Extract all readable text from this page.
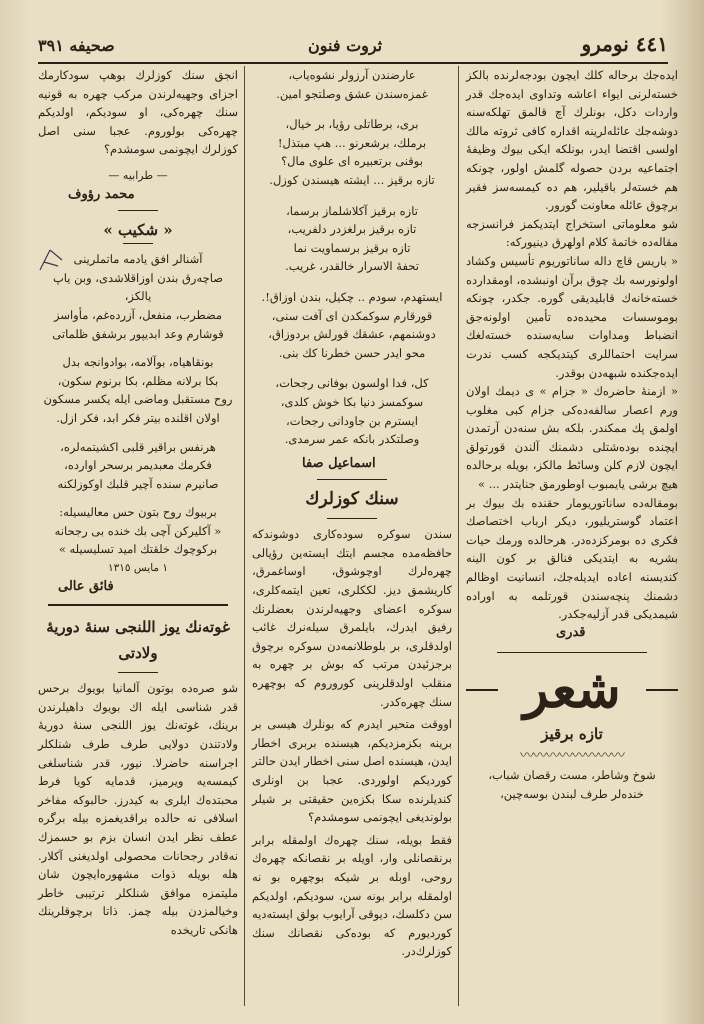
٤٤١ نومرو
ثروت فنون
صحيفه ٣٩١

ایده‌جك برحاله كلك ایچون بودجه‌لرنده بالكز خسته‌لرنی ایواء اعاشه وتداوی ایده‌جك قدر واردات دكل، بونلرك آچ قالمق تهلكه‌سنه دوشه‌جك عائله‌لرینه اقداره كافی ثروته مالك اولسی اقتضا ایدر، بونلكه ایكی بیوك وظیفهٔ اجتماعیه بردن حصوله گلمش اولور، چونكه هم خسته‌لر باقیلیر، هم ده كیمسه‌سز فقیر برچوق عائله معاونت گورور.

شو معلوماتی استخراج ایتدیكمز فرانسزجه مقاله‌ده خاتمهٔ كلام اولهرق دینیوركه:

« باریس قاچ داله ساناتوریوم تأسیس وكشاد اولونورسه بك چوق برآن اونبشده، اومقدارده خسته‌خانه‌ك قابلیدیقی گوره. جكدر، چونكه بوموسسات محیده‌ده تأمین اولونه‌جق انضباط ومداوات سایه‌سنده خسته‌لغك سرایت احتماللری كیتدیكجه كسب ندرت ایده‌جكنده شبهه‌دن بوقدر.

« ازمنهٔ حاضره‌ك « جزام » ی دیمك اولان ورم اعصار سالفه‌ده‌كی جزام كبی مغلوب اولمق پك ممكندر. بلكه بش سنه‌دن آرتمدن ایچنده بوده‌شتلی دشمنك آلندن قورتولق ایچون لازم كلن وسائط مالكز، بویله برحالده هیچ برشی یایمبوب اوطورمق جنایتدر ... »

بومقاله‌ده ساناتوریومار حقنده بك بیوك بر اعتماد گوستریلیور، دیكر ارباب اختصاصك فكری ده بومركزده‌در. هرحالده ورمك حیات بشریه به ایتدیكی فنالق بر كون الینه كندیسنه اعاده ایدیله‌جك، انسانیت اوظالم دشمنك پنچه‌سندن قورتلمه به اوراده شیمدیكی قدر آزلیه‌جكدر.

قدری

شعر
تازه برقیز
〰〰〰〰〰〰〰〰

شوخ وشاطر، مست رقصان شباب،

خنده‌لر طرف لبندن بوسه‌چین،

عارضندن آرزولر نشوه‌یاب،

غمزه‌سندن عشق وصلتجو امین.

بری، برطاتلی رؤیا، بر خیال،

برملك، برشعرنو ... هپ مبتذل!

بوقنی برتعبیره ای علوی مال؟

تازه برقیز ... ایشته هیسندن كوزل.

تازه برقیز آكلاشلماز برسما،

تازه برقیز برلغزدر دلفریب،

تازه برقیز برسماویت نما

تحفهٔ الاسرار خالقدر، غریب.

ایستهدم، سودم .. چكیل، بندن اوزاق!.

قورقارم سوكمكدن ای آفت سنی،

دوشنمهم، عشقك قورلش بردوزاق،

محو ایدر حسن خطرنا كك بنی.

كل، فدا اولسون بوفانی رجحات،

سوكمسز دنیا بكا خوش كلدی،

ایسترم بن جاودانی رجحات،

وصلتكدر بانكه عمر سرمدی.

اسماعیل صفا

سنك كوزلرك

سندن سوكره سوده‌كارى دوشوندكه حافظه‌مده مجسم ایتك ایسته‌ین رؤیالی چهره‌لرك اوچوشوق، اوساغمرق، كاریشمق دیز. لككلری، تعین ایتمه‌كلری، سوكره اعضای وجهیه‌لرندن بعضلرنك رفیق ایدرك، بایلمرق سیله‌نرك غائب اولدقلرى، بر بلوطلانمه‌دن سوكره برچوق برجزئیدن مرتب كه بوش بر چهره به منقلب اولدقلرینی كوروروم كه بوچهره سنك چهره‌كدر.

اووقت متحیر ایدرم كه بونلرك هیسی بر برینه بكزمزدیكم، هیسنده بربری اخطار ایدن، هیسنده اصل سنی اخطار ایدن حالتر كوردیكم اولوردی. عجبا بن اونلری كندیلرنده سكا بكزه‌ین حقیقتی بر شیلر بولوندیغی ایچونمی سومشدم؟

فقط بویله، سنك چهره‌ك اولمقله برابر برنقصانلی وار، اویله بر نقصانكه چهره‌ك روحی، اوبله بر شیكه بوچهره بو نه اولمقله برابر بونه سن، سودیكم، اولدیكم سن دكلسك، دیوقی آرایوب بولق ایسته‌دیه كوردیورم كه بوده‌كى نقصانك سنك كوزلرك‌در.

انجق سنك كوزلرك بوهپ سودكارمك اجزای وجهیه‌لرندن مركب چهره به قونیه سنك چهره‌كی، او سودیكم، اولدیكم چهره‌كی بولوروم. عجبا سنی اصل كوزلرك ایچونمی سومشدم؟

— طرابیه —

محمد رؤوف

« شكیب »

آشنالر افق یادمه ماتملرینی

صاچه‌رق بندن اوزاقلاشدی، وبن یاپ یالكز،

مضطرب، منفعل، آزرده‌غم، مأواسز

قوشارم وعد ابدیپور برشفق ظلماتی

بونقاهیاه، بوآلامه، بوادوانجه بدل

بكا برلانه مظلم، بكا برنوم سكون،

روح مستقبل وماضی ایله یكسر مسكون

اولان اقلنده بیتر فكر ابد، فكر ازل.

هرنفس براقیر قلبی اكشیتمه‌لره،

فكرمك معبدیمر برسحر اوارده،

صانیرم سنده آچیر قلبك اوكوزلكنه

بربیوك روح بتون حس معالیسیله:

« آكلیركن آچی بك خنده بی رجحانه

بركوچوك خلقتك امید تسلیسیله »

١ مایس ١٣١٥

فائق عالی

غوته‌نك یوز اللنجی سنهٔ دوریهٔ ولادتی

شو صره‌ده بوتون آلمانیا بویوك برحس قدر شناسی ایله اك بویوك داهیلرندن برینك، غوته‌نك یوز اللنجی سنهٔ دوریهٔ ولادتندن دولایی طرف طرف شنلكلر اجراسنه حاضرلا. نیور، قدر شناسلغی كیمسه‌یه ویرمیز، قدمایه كویا فرط محبتده‌ك ایلری به كیدرز. حالبوكه مفاخر اسلافی نه حالده براقدیغمزه بیله برگره عطف نظر ایدن انسان بزم بو حسمزك نه‌قادر رجحانات محصولی اولدیغنی آكلار. هله بویله ذوات مشهوره‌ایچون شان ملیتمزه موافق شنلكلر ترتیبی خاطر وخیالمزدن بیله چمز. ذاتا برچوقلرینك هانكی تاریخده
